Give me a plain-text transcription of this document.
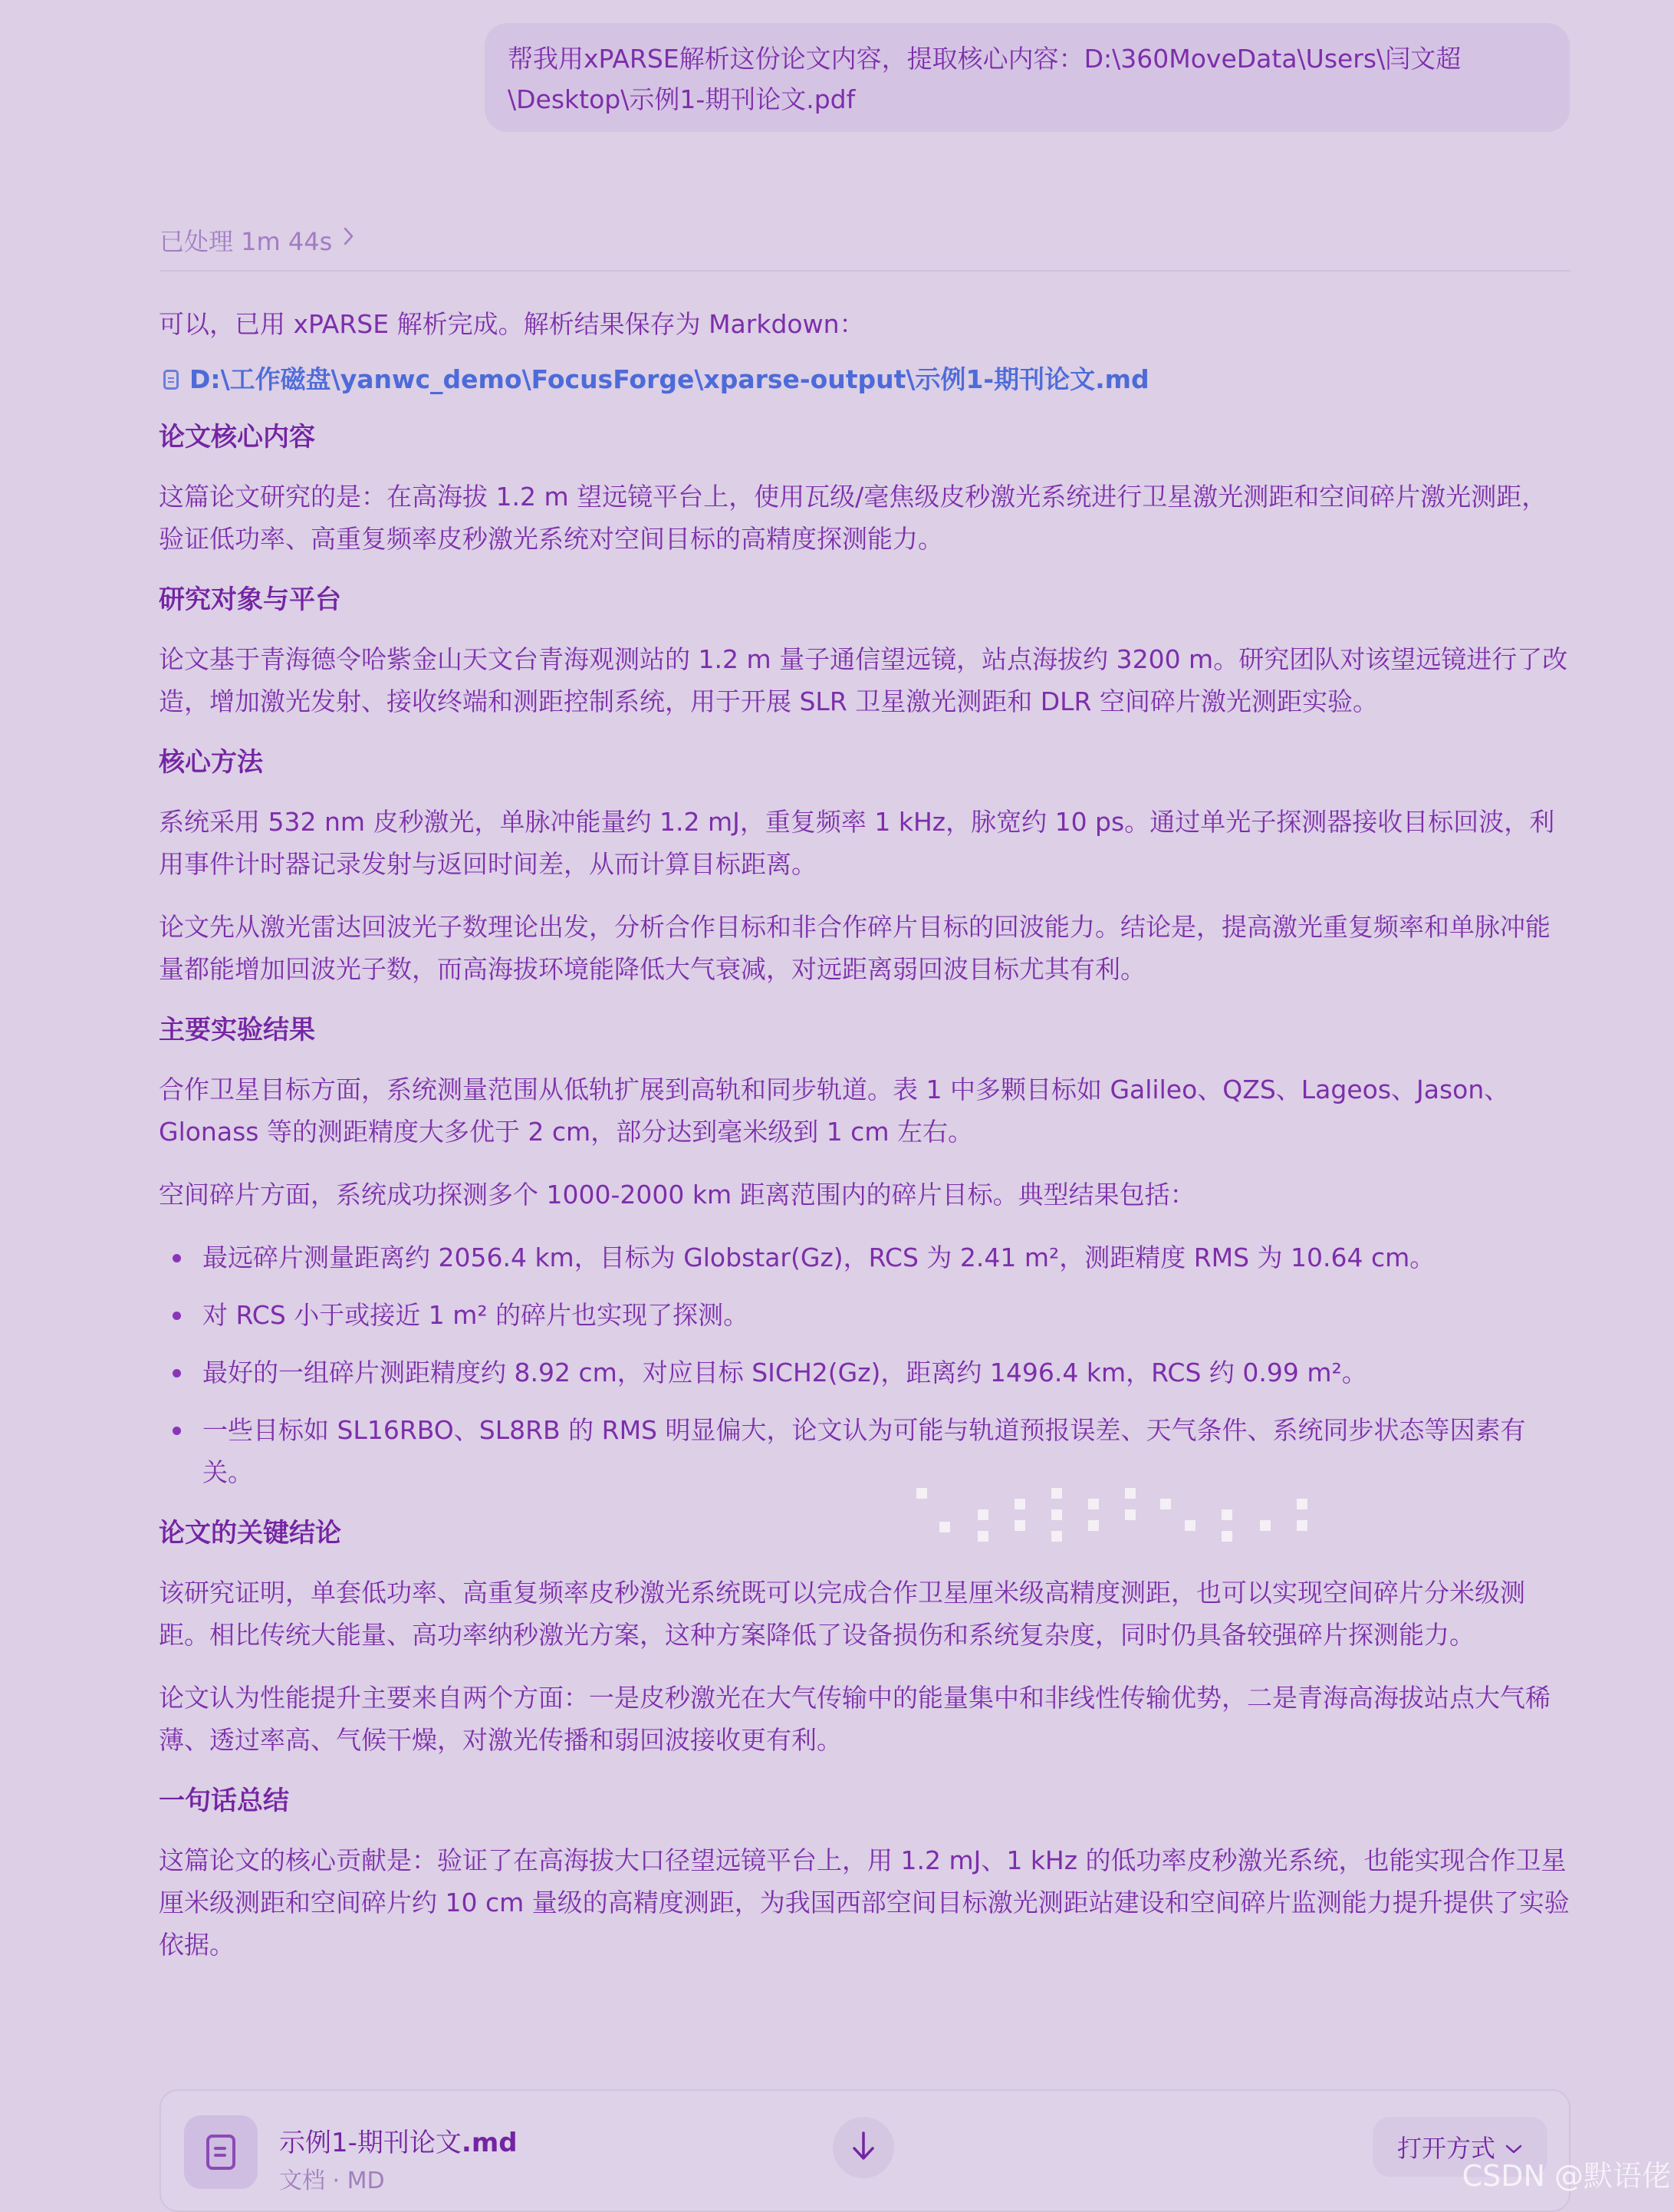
帮我用xPARSE解析这份论文内容，提取核心内容：D:\360MoveData\Users\闫文超
\Desktop\示例1-期刊论文.pdf
已处理 1m 44s

可以，已用 xPARSE 解析完成。解析结果保存为 Markdown：

D:\工作磁盘\yanwc_demo\FocusForge\xparse-output\示例1-期刊论文.md
论文核心内容

这篇论文研究的是：在高海拔 1.2 m 望远镜平台上，使用瓦级/毫焦级皮秒激光系统进行卫星激光测距和空间碎片激光测距，验证低功率、高重复频率皮秒激光系统对空间目标的高精度探测能力。

研究对象与平台

论文基于青海德令哈紫金山天文台青海观测站的 1.2 m 量子通信望远镜，站点海拔约 3200 m。研究团队对该望远镜进行了改造，增加激光发射、接收终端和测距控制系统，用于开展 SLR 卫星激光测距和 DLR 空间碎片激光测距实验。

核心方法

系统采用 532 nm 皮秒激光，单脉冲能量约 1.2 mJ，重复频率 1 kHz，脉宽约 10 ps。通过单光子探测器接收目标回波，利用事件计时器记录发射与返回时间差，从而计算目标距离。

论文先从激光雷达回波光子数理论出发，分析合作目标和非合作碎片目标的回波能力。结论是，提高激光重复频率和单脉冲能量都能增加回波光子数，而高海拔环境能降低大气衰减，对远距离弱回波目标尤其有利。

主要实验结果

合作卫星目标方面，系统测量范围从低轨扩展到高轨和同步轨道。表 1 中多颗目标如 Galileo、QZS、Lageos、Jason、Glonass 等的测距精度大多优于 2 cm，部分达到毫米级到 1 cm 左右。

空间碎片方面，系统成功探测多个 1000-2000 km 距离范围内的碎片目标。典型结果包括：

最远碎片测量距离约 2056.4 km，目标为 Globstar(Gz)，RCS 为 2.41 m²，测距精度 RMS 为 10.64 cm。
对 RCS 小于或接近 1 m² 的碎片也实现了探测。
最好的一组碎片测距精度约 8.92 cm，对应目标 SICH2(Gz)，距离约 1496.4 km，RCS 约 0.99 m²。
一些目标如 SL16RBO、SL8RB 的 RMS 明显偏大，论文认为可能与轨道预报误差、天气条件、系统同步状态等因素有关。
论文的关键结论

该研究证明，单套低功率、高重复频率皮秒激光系统既可以完成合作卫星厘米级高精度测距，也可以实现空间碎片分米级测距。相比传统大能量、高功率纳秒激光方案，这种方案降低了设备损伤和系统复杂度，同时仍具备较强碎片探测能力。

论文认为性能提升主要来自两个方面：一是皮秒激光在大气传输中的能量集中和非线性传输优势，二是青海高海拔站点大气稀薄、透过率高、气候干燥，对激光传播和弱回波接收更有利。

一句话总结

这篇论文的核心贡献是：验证了在高海拔大口径望远镜平台上，用 1.2 mJ、1 kHz 的低功率皮秒激光系统，也能实现合作卫星厘米级测距和空间碎片约 10 cm 量级的高精度测距，为我国西部空间目标激光测距站建设和空间碎片监测能力提升提供了实验依据。

示例1-期刊论文.md
文档 · MD
打开方式
CSDN @默语佬
